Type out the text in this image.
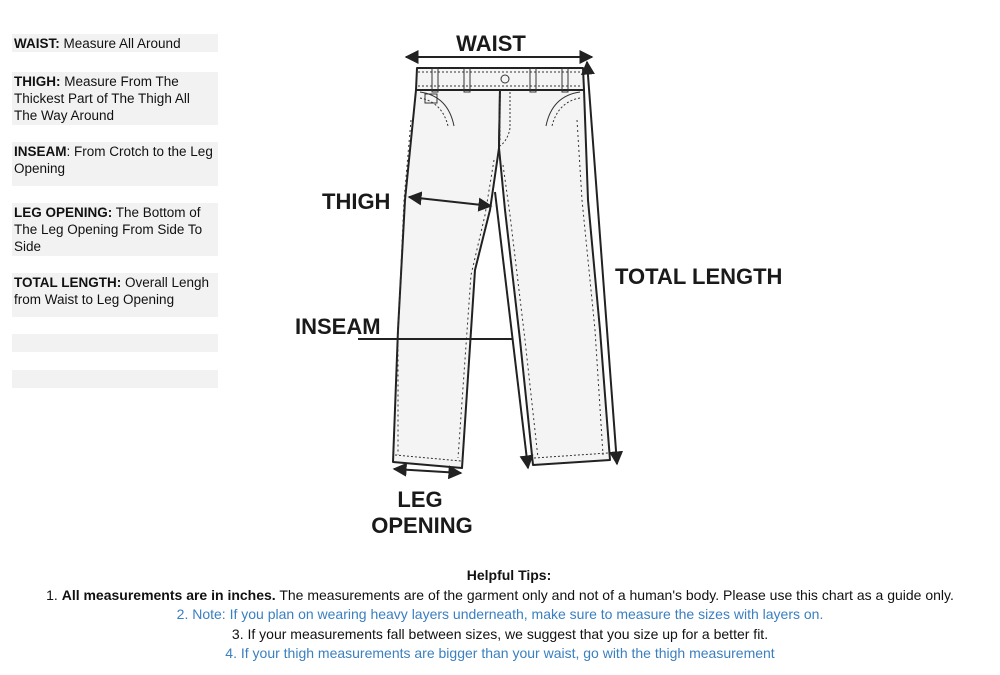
WAIST: Measure All Around
THIGH: Measure From The Thickest Part of The Thigh All The Way Around
INSEAM: From Crotch to the Leg Opening
LEG OPENING: The Bottom of The Leg Opening From Side To Side
TOTAL LENGTH: Overall Lengh from Waist to Leg Opening
WAIST
THIGH
INSEAM
TOTAL LENGTH
LEG
OPENING
Helpful Tips:
1. All measurements are in inches. The measurements are of the garment only and not of a human's body. Please use this chart as a guide only.
2. Note: If you plan on wearing heavy layers underneath, make sure to measure the sizes with layers on.
3. If your measurements fall between sizes, we suggest that you size up for a better fit.
4. If your thigh measurements are bigger than your waist, go with the thigh measurement
